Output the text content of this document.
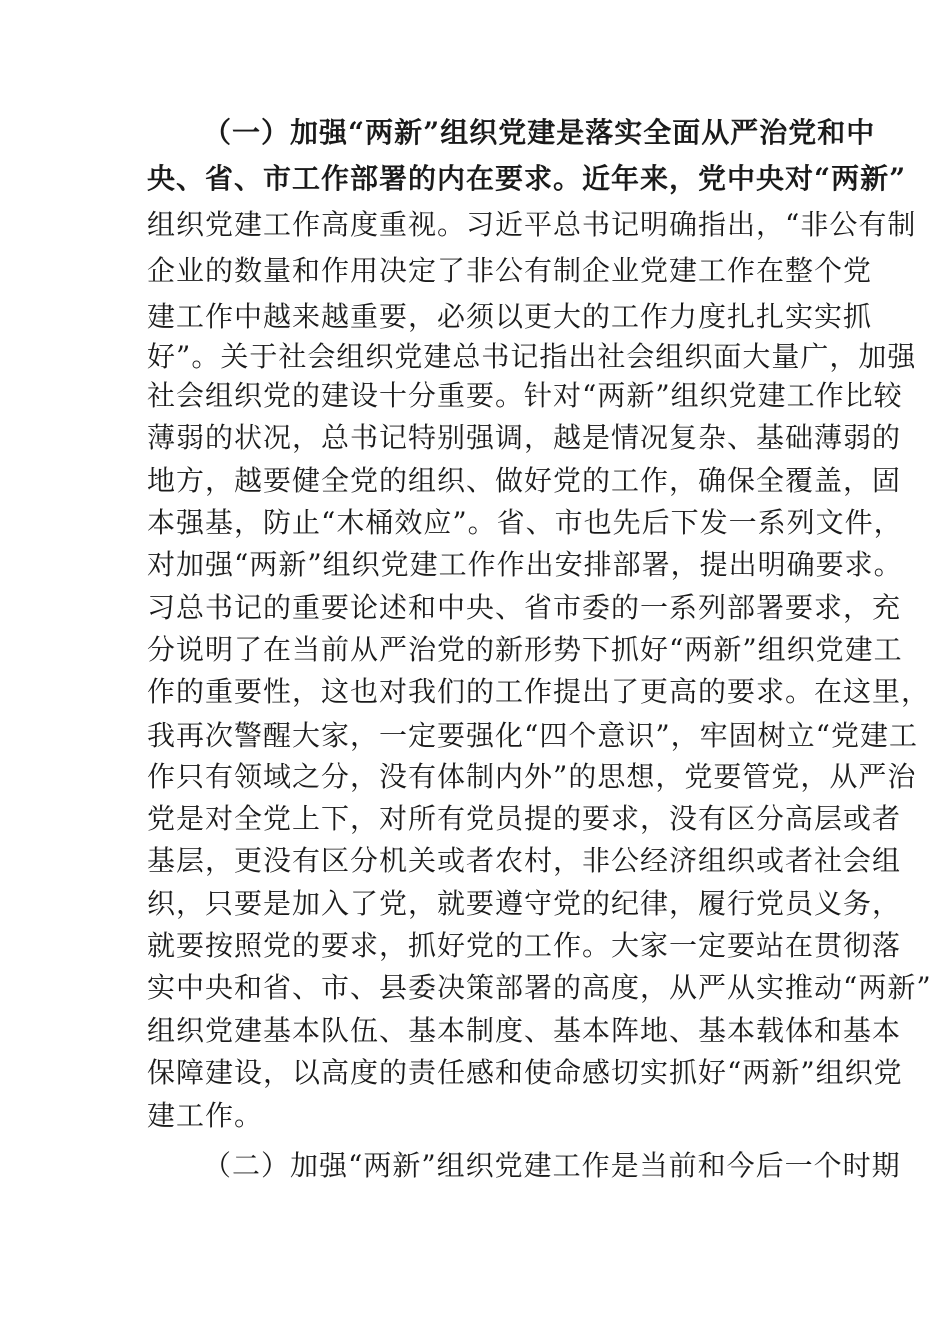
（一）加强“两新”组织党建是落实全面从严治党和中
央、省、市工作部署的内在要求。近年来，党中央对“两新”
组织党建工作高度重视。习近平总书记明确指出，“非公有制
企业的数量和作用决定了非公有制企业党建工作在整个党
建工作中越来越重要，必须以更大的工作力度扎扎实实抓
好”。关于社会组织党建总书记指出社会组织面大量广，加强
社会组织党的建设十分重要。针对“两新”组织党建工作比较
薄弱的状况，总书记特别强调，越是情况复杂、基础薄弱的
地方，越要健全党的组织、做好党的工作，确保全覆盖，固
本强基，防止“木桶效应”。省、市也先后下发一系列文件，
对加强“两新”组织党建工作作出安排部署，提出明确要求。
习总书记的重要论述和中央、省市委的一系列部署要求，充
分说明了在当前从严治党的新形势下抓好“两新”组织党建工
作的重要性，这也对我们的工作提出了更高的要求。在这里，
我再次警醒大家，一定要强化“四个意识”，牢固树立“党建工
作只有领域之分，没有体制内外”的思想，党要管党，从严治
党是对全党上下，对所有党员提的要求，没有区分高层或者
基层，更没有区分机关或者农村，非公经济组织或者社会组
织，只要是加入了党，就要遵守党的纪律，履行党员义务，
就要按照党的要求，抓好党的工作。大家一定要站在贯彻落
实中央和省、市、县委决策部署的高度，从严从实推动“两新”
组织党建基本队伍、基本制度、基本阵地、基本载体和基本
保障建设，以高度的责任感和使命感切实抓好“两新”组织党
建工作。
（二）加强“两新”组织党建工作是当前和今后一个时期
